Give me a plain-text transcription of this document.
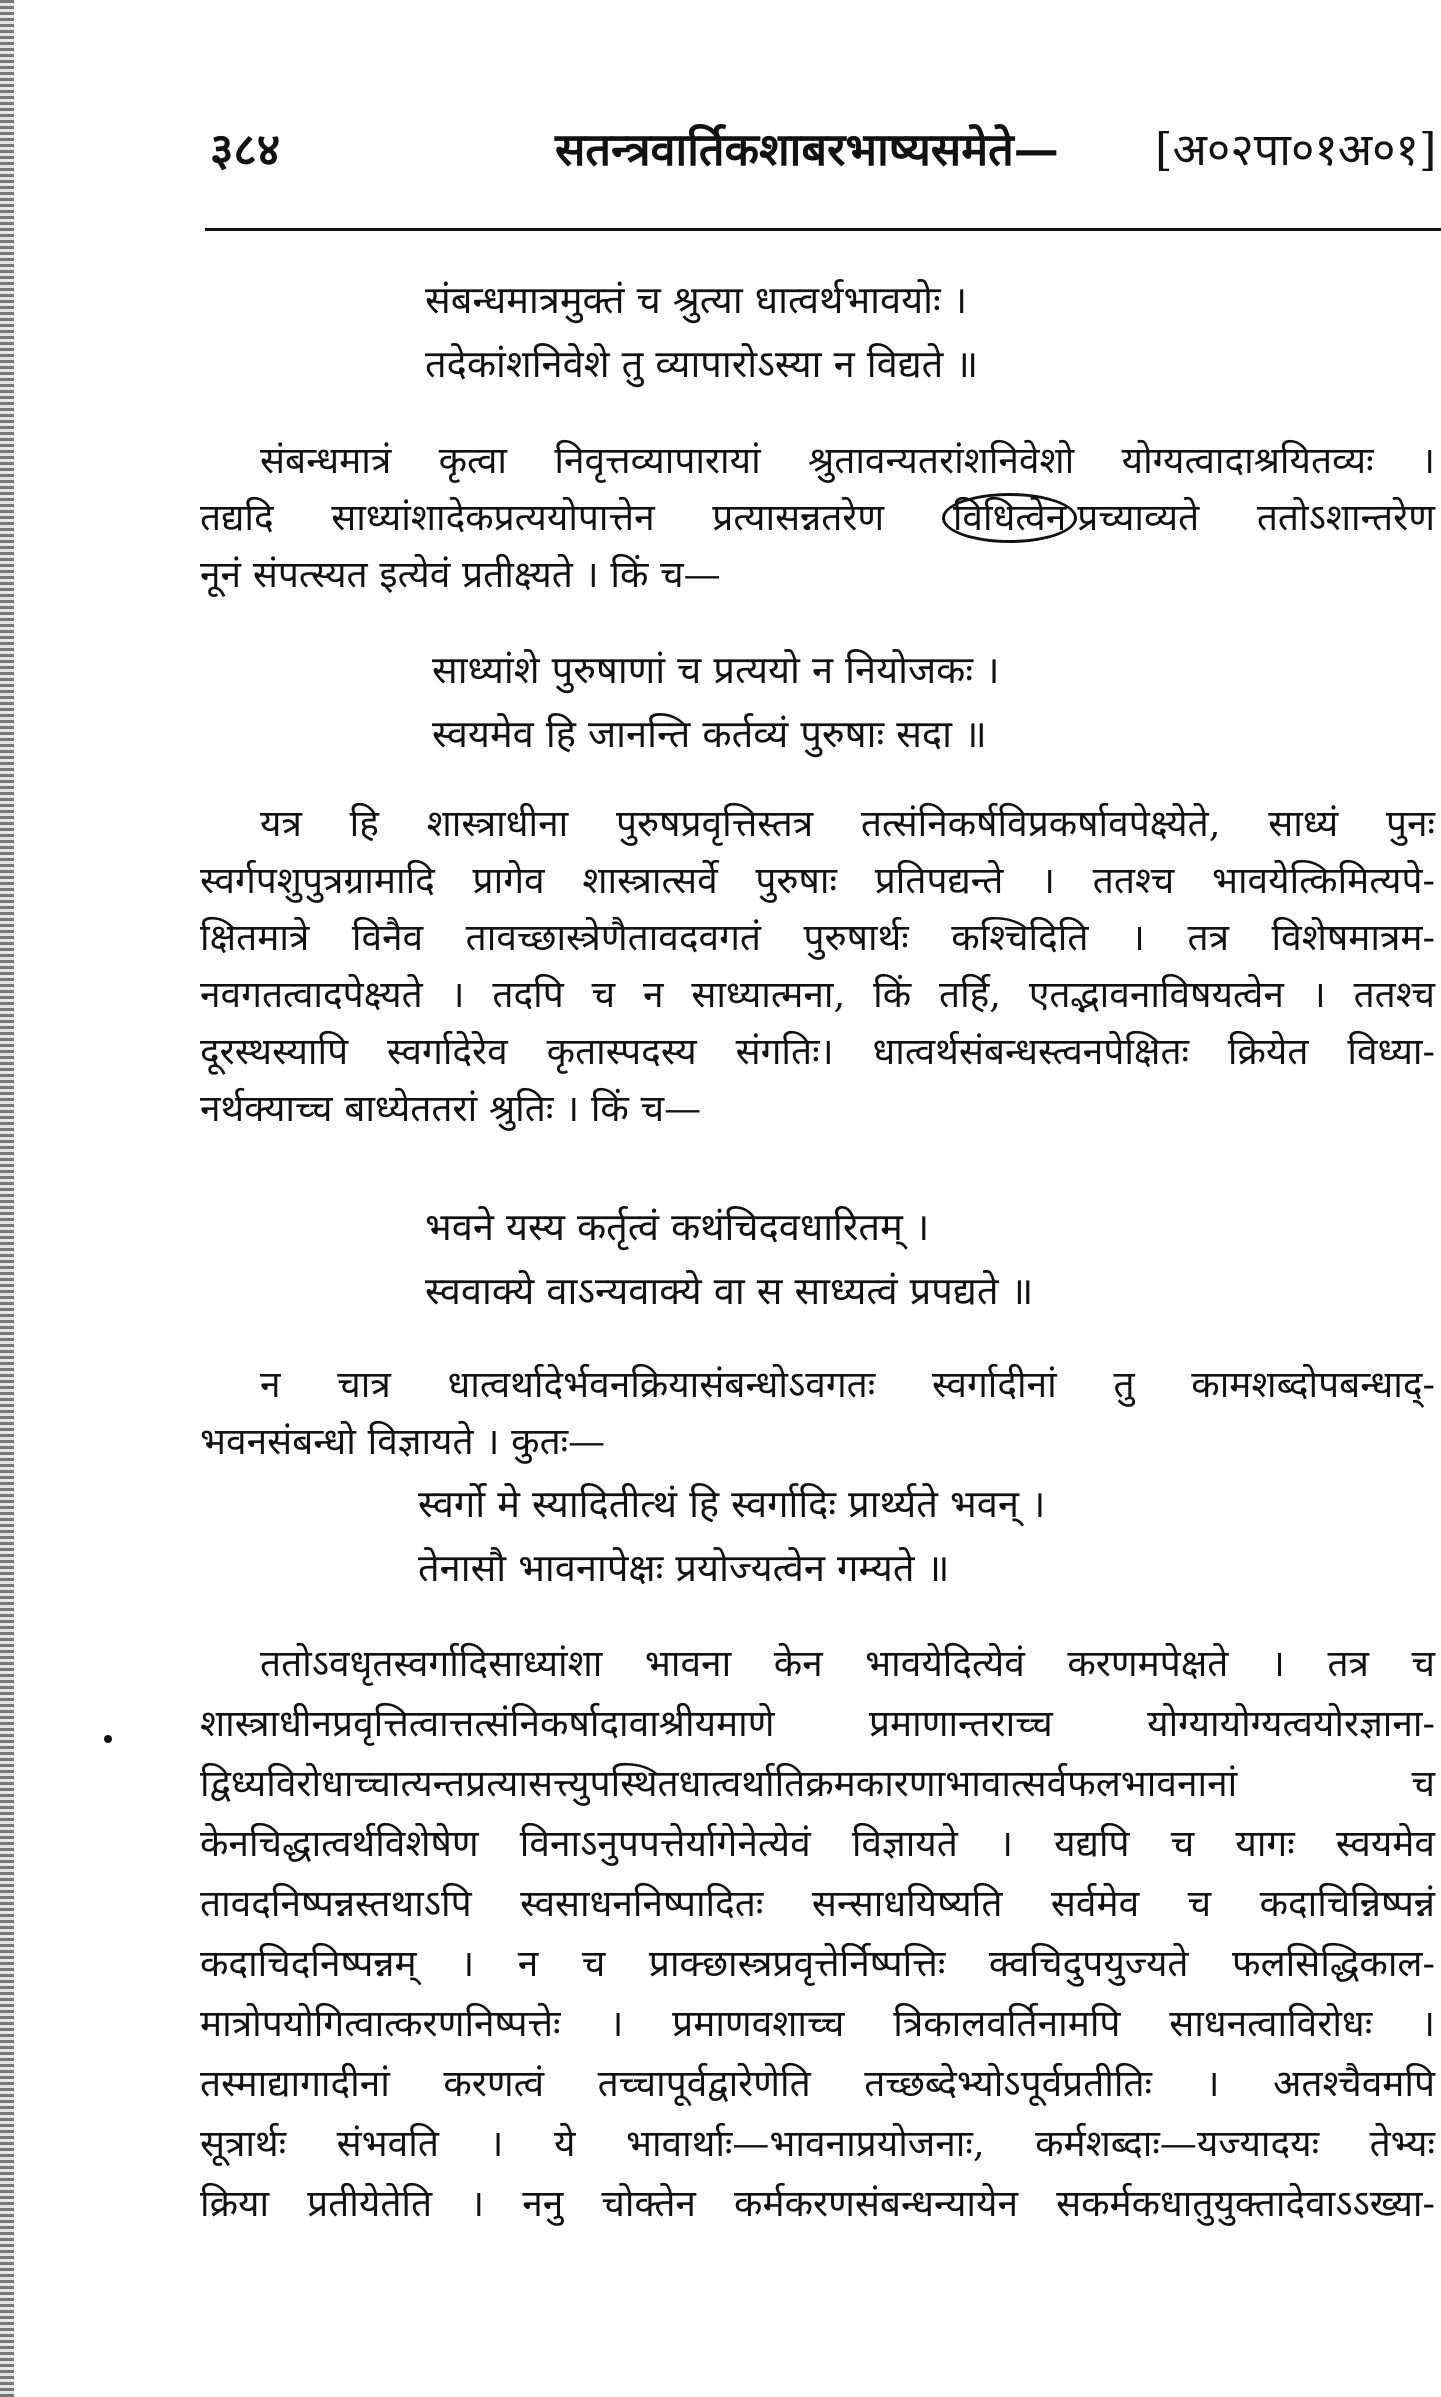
३८४	सतन्त्रवार्तिकशाबरभाष्यसमेते— [अ०२पा०१अ०१]
संबन्धमात्रमुक्तं च श्रुत्या धात्वर्थभावयोः ।
तदेकांशनिवेशे तु व्यापारोऽस्या न विद्यते ॥
संबन्धमात्रं कृत्वा निवृत्तव्यापारायां श्रुतावन्यतरांशनिवेशो योग्यत्वादाश्रयितव्यः ।
तद्यदि साध्यांशादेकप्रत्ययोपात्तेन प्रत्यासन्नतरेण विधित्वेन प्रच्याव्यते ततोऽशान्तरेण
नूनं संपत्स्यत इत्येवं प्रतीक्ष्यते । किं च—
साध्यांशे पुरुषाणां च प्रत्ययो न नियोजकः ।
स्वयमेव हि जानन्ति कर्तव्यं पुरुषाः सदा ॥
यत्र हि शास्त्राधीना पुरुषप्रवृत्तिस्तत्र तत्संनिकर्षविप्रकर्षावपेक्ष्येते, साध्यं पुनः
स्वर्गपशुपुत्रग्रामादि प्रागेव शास्त्रात्सर्वे पुरुषाः प्रतिपद्यन्ते । ततश्च भावयेत्किमित्यपे-
क्षितमात्रे विनैव तावच्छास्त्रेणैतावदवगतं पुरुषार्थः कश्चिदिति । तत्र विशेषमात्रम-
नवगतत्वादपेक्ष्यते । तदपि च न साध्यात्मना, किं तर्हि, एतद्भावनाविषयत्वेन । ततश्च
दूरस्थस्यापि स्वर्गादेरेव कृतास्पदस्य संगतिः। धात्वर्थसंबन्धस्त्वनपेक्षितः क्रियेत विध्या-
नर्थक्याच्च बाध्येततरां श्रुतिः । किं च—
भवने यस्य कर्तृत्वं कथंचिदवधारितम् ।
स्ववाक्ये वाऽन्यवाक्ये वा स साध्यत्वं प्रपद्यते ॥
न चात्र धात्वर्थादेर्भवनक्रियासंबन्धोऽवगतः स्वर्गादीनां तु कामशब्दोपबन्धाद्-
भवनसंबन्धो विज्ञायते । कुतः—
स्वर्गो मे स्यादितीत्थं हि स्वर्गादिः प्रार्थ्यते भवन् ।
तेनासौ भावनापेक्षः प्रयोज्यत्वेन गम्यते ॥
ततोऽवधृतस्वर्गादिसाध्यांशा भावना केन भावयेदित्येवं करणमपेक्षते । तत्र च
शास्त्राधीनप्रवृत्तित्वात्तत्संनिकर्षादावाश्रीयमाणे प्रमाणान्तराच्च योग्यायोग्यत्वयोरज्ञाना-
द्विध्यविरोधाच्चात्यन्तप्रत्यासत्त्युपस्थितधात्वर्थातिक्रमकारणाभावात्सर्वफलभावनानां च
केनचिद्धात्वर्थविशेषेण विनाऽनुपपत्तेर्यागेनेत्येवं विज्ञायते । यद्यपि च यागः स्वयमेव
तावदनिष्पन्नस्तथाऽपि स्वसाधननिष्पादितः सन्साधयिष्यति सर्वमेव च कदाचिन्निष्पन्नं
कदाचिदनिष्पन्नम् । न च प्राक्छास्त्रप्रवृत्तेर्निष्पत्तिः क्वचिदुपयुज्यते फलसिद्धिकाल-
मात्रोपयोगित्वात्करणनिष्पत्तेः । प्रमाणवशाच्च त्रिकालवर्तिनामपि साधनत्वाविरोधः ।
तस्माद्यागादीनां करणत्वं तच्चापूर्वद्वारेणेति तच्छब्देभ्योऽपूर्वप्रतीतिः । अतश्चैवमपि
सूत्रार्थः संभवति । ये भावार्थाः—भावनाप्रयोजनाः, कर्मशब्दाः—यज्यादयः तेभ्यः
क्रिया प्रतीयेतेति । ननु चोक्तेन कर्मकरणसंबन्धन्यायेन सकर्मकधातुयुक्तादेवाऽऽख्या-
